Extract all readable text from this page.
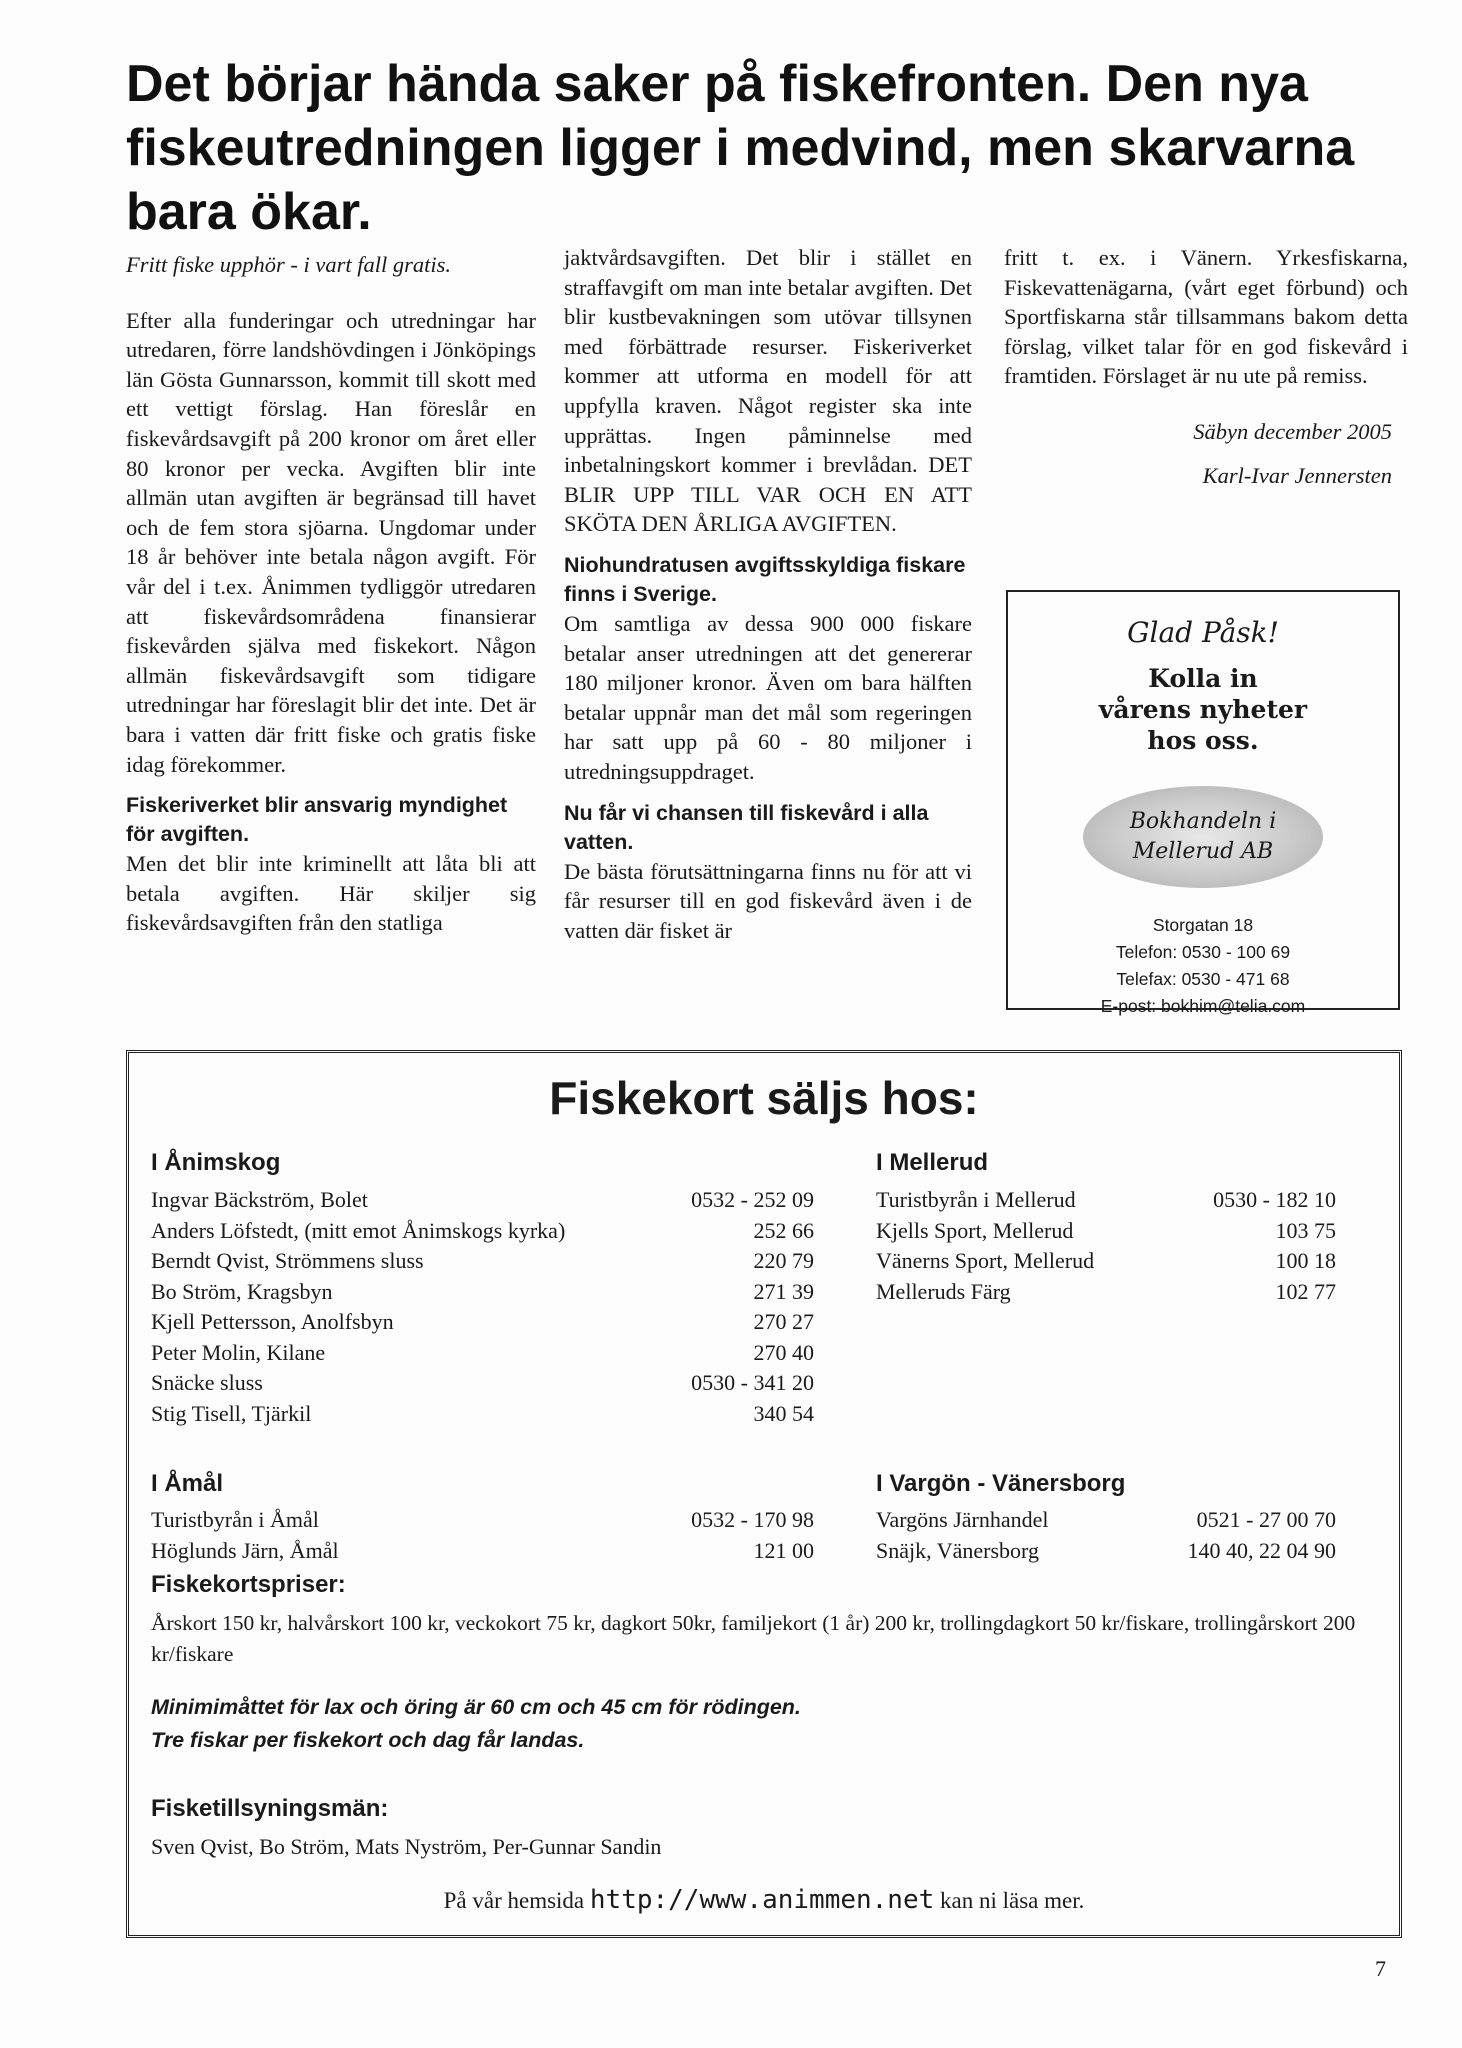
Det börjar hända saker på fiskefronten. Den nya fiskeutredningen ligger i medvind, men skarvarna bara ökar.

Fritt fiske upphör - i vart fall gratis.

Efter alla funderingar och utredningar har utredaren, förre landshövdingen i Jönköpings län Gösta Gunnarsson, kommit till skott med ett vettigt förslag. Han föreslår en fiskevårdsavgift på 200 kronor om året eller 80 kronor per vecka. Avgiften blir inte allmän utan avgiften är begränsad till havet och de fem stora sjöarna. Ungdomar under 18 år behöver inte betala någon avgift. För vår del i t.ex. Ånimmen tydliggör utredaren att fiskevårdsområdena finansierar fiskevården själva med fiskekort. Någon allmän fiskevårdsavgift som tidigare utredningar har föreslagit blir det inte. Det är bara i vatten där fritt fiske och gratis fiske idag förekommer.

Fiskeriverket blir ansvarig myndighet för avgiften.

Men det blir inte kriminellt att låta bli att betala avgiften. Här skiljer sig fiskevårdsavgiften från den statliga

jaktvårdsavgiften. Det blir i stället en straffavgift om man inte betalar avgiften. Det blir kustbevakningen som utövar tillsynen med förbättrade resurser. Fiskeriverket kommer att utforma en modell för att uppfylla kraven. Något register ska inte upprättas. Ingen påminnelse med inbetalningskort kommer i brevlådan. DET BLIR UPP TILL VAR OCH EN ATT SKÖTA DEN ÅRLIGA AVGIFTEN.

Niohundratusen avgiftsskyldiga fiskare finns i Sverige.

Om samtliga av dessa 900 000 fiskare betalar anser utredningen att det genererar 180 miljoner kronor. Även om bara hälften betalar uppnår man det mål som regeringen har satt upp på 60 - 80 miljoner i utredningsuppdraget.

Nu får vi chansen till fiskevård i alla vatten.

De bästa förutsättningarna finns nu för att vi får resurser till en god fiskevård även i de vatten där fisket är

fritt t. ex. i Vänern. Yrkesfiskarna, Fiskevattenägarna, (vårt eget förbund) och Sportfiskarna står tillsammans bakom detta förslag, vilket talar för en god fiskevård i framtiden. Förslaget är nu ute på remiss.

Säbyn december 2005

Karl-Ivar Jennersten

Glad Påsk!
Kolla in
vårens nyheter
hos oss.
Bokhandeln i
Mellerud AB
Storgatan 18
Telefon: 0530 - 100 69
Telefax: 0530 - 471 68
E-post: bokhim@telia.com
Fiskekort säljs hos:
I Ånimskog
Ingvar Bäckström, Bolet	0532 - 252 09
Anders Löfstedt, (mitt emot Ånimskogs kyrka)	252 66
Berndt Qvist, Strömmens sluss	220 79
Bo Ström, Kragsbyn	271 39
Kjell Pettersson, Anolfsbyn	270 27
Peter Molin, Kilane	270 40
Snäcke sluss	0530 - 341 20
Stig Tisell, Tjärkil	340 54
I Mellerud
Turistbyrån i Mellerud	0530 - 182 10
Kjells Sport, Mellerud	103 75
Vänerns Sport, Mellerud	100 18
Melleruds Färg	102 77
I Åmål
Turistbyrån i Åmål	0532 - 170 98
Höglunds Järn, Åmål	121 00
I Vargön - Vänersborg
Vargöns Järnhandel	0521 - 27 00 70
Snäjk, Vänersborg	140 40, 22 04 90
Fiskekortspriser:

Årskort 150 kr, halvårskort 100 kr, veckokort 75 kr, dagkort 50kr, familjekort (1 år) 200 kr, trollingdagkort 50 kr/fiskare, trollingårskort 200 kr/fiskare

Minimimåttet för lax och öring är 60 cm och 45 cm för rödingen.

Tre fiskar per fiskekort och dag får landas.

Fisketillsyningsmän:

Sven Qvist, Bo Ström, Mats Nyström, Per-Gunnar Sandin

På vår hemsida http://www.animmen.net kan ni läsa mer.

7
